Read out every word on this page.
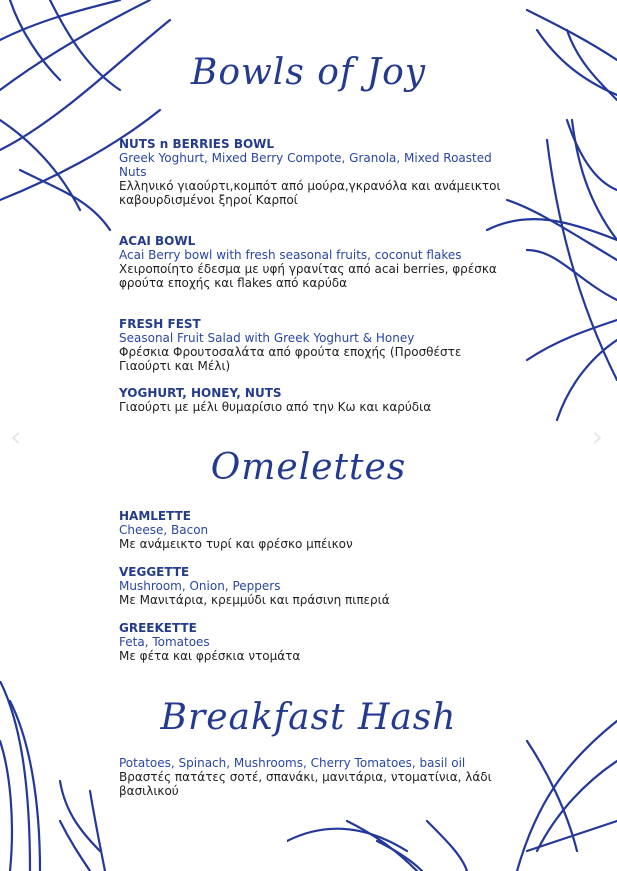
‹	›
Bowls of Joy
NUTS n BERRIES BOWL
Greek Yoghurt, Mixed Berry Compote, Granola, Mixed Roasted Nuts
Ελληνικό γιαούρτι,κομπότ από μούρα,γκρανόλα και ανάμεικτοι καβουρδισμένοι ξηροί Καρποί
ACAI BOWL
Acai Berry bowl with fresh seasonal fruits, coconut flakes
Χειροποίητο έδεσμα με υφή γρανίτας από acai berries, φρέσκα φρούτα εποχής και flakes από καρύδα
FRESH FEST
Seasonal Fruit Salad with Greek Yoghurt & Honey
Φρέσκια Φρουτοσαλάτα από φρούτα εποχής (Προσθέστε Γιαούρτι και Μέλι)
YOGHURT, HONEY, NUTS
Γιαούρτι με μέλι θυμαρίσιο από την Κω και καρύδια
Omelettes
HAMLETTE
Cheese, Bacon
Με ανάμεικτο τυρί και φρέσκο μπέικον
VEGGETTE
Mushroom, Onion, Peppers
Με Μανιτάρια, κρεμμύδι και πράσινη πιπεριά
GREEKETTE
Feta, Tomatoes
Με φέτα και φρέσκια ντομάτα
Breakfast Hash
Potatoes, Spinach, Mushrooms, Cherry Tomatoes, basil oil
Βραστές πατάτες σοτέ, σπανάκι, μανιτάρια, ντοματίνια, λάδι βασιλικού
